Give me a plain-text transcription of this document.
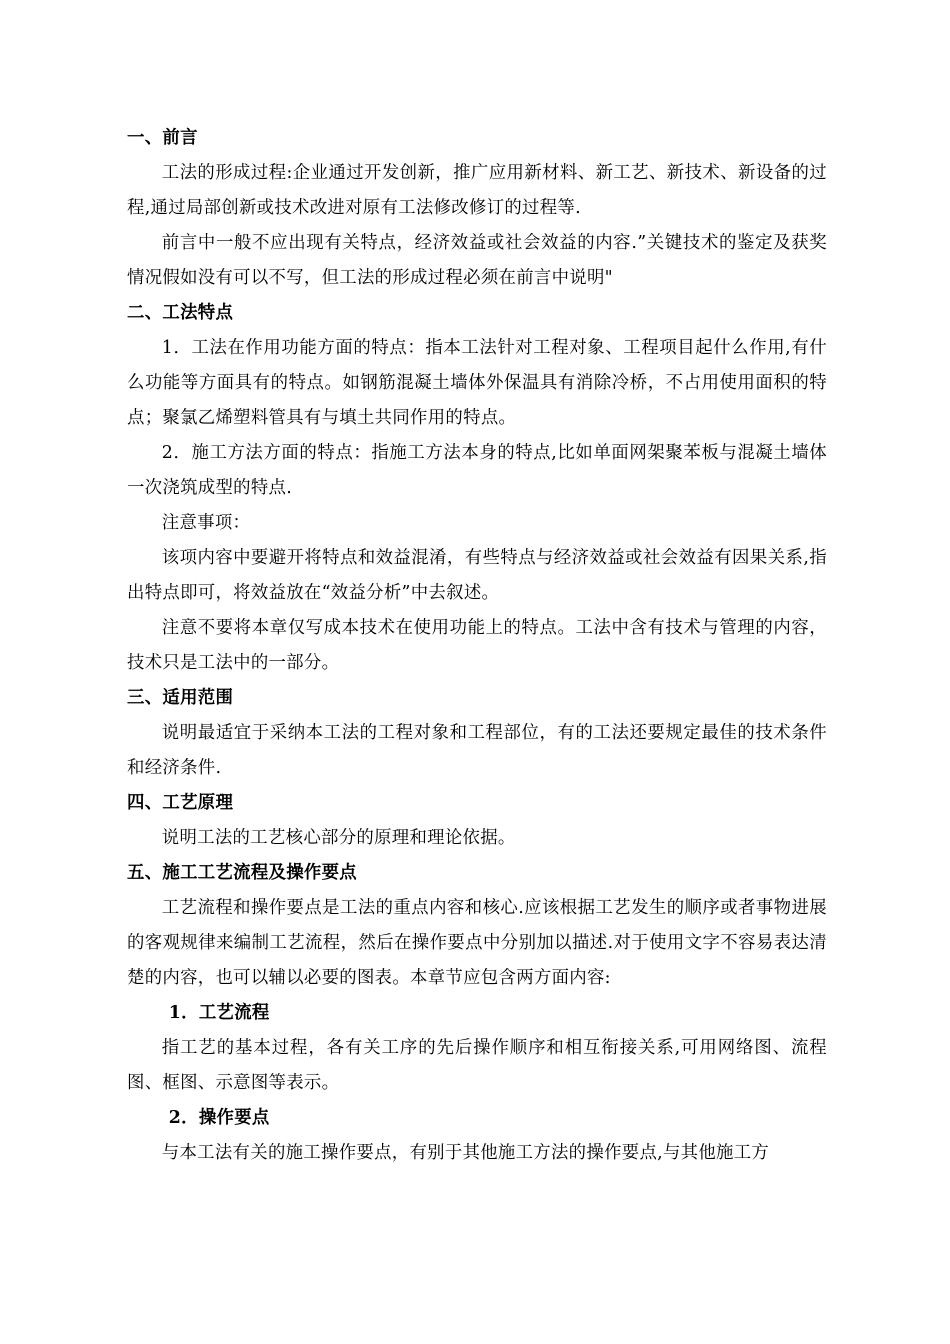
一、前言

工法的形成过程:企业通过开发创新，推广应用新材料、新工艺、新技术、新设备的过程,通过局部创新或技术改进对原有工法修改修订的过程等.

前言中一般不应出现有关特点，经济效益或社会效益的内容.”关键技术的鉴定及获奖情况假如没有可以不写，但工法的形成过程必须在前言中说明"

二、工法特点

1．工法在作用功能方面的特点：指本工法针对工程对象、工程项目起什么作用,有什么功能等方面具有的特点。如钢筋混凝土墙体外保温具有消除冷桥，不占用使用面积的特点；聚氯乙烯塑料管具有与填土共同作用的特点。

2．施工方法方面的特点：指施工方法本身的特点,比如单面网架聚苯板与混凝土墙体一次浇筑成型的特点.

注意事项：

该项内容中要避开将特点和效益混淆，有些特点与经济效益或社会效益有因果关系,指出特点即可，将效益放在“效益分析”中去叙述。

注意不要将本章仅写成本技术在使用功能上的特点。工法中含有技术与管理的内容，技术只是工法中的一部分。

三、适用范围

说明最适宜于采纳本工法的工程对象和工程部位，有的工法还要规定最佳的技术条件和经济条件.

四、工艺原理

说明工法的工艺核心部分的原理和理论依据。

五、施工工艺流程及操作要点

工艺流程和操作要点是工法的重点内容和核心.应该根据工艺发生的顺序或者事物进展的客观规律来编制工艺流程，然后在操作要点中分别加以描述.对于使用文字不容易表达清楚的内容，也可以辅以必要的图表。本章节应包含两方面内容:

1．工艺流程

指工艺的基本过程，各有关工序的先后操作顺序和相互衔接关系,可用网络图、流程图、框图、示意图等表示。

2．操作要点

与本工法有关的施工操作要点，有别于其他施工方法的操作要点,与其他施工方
